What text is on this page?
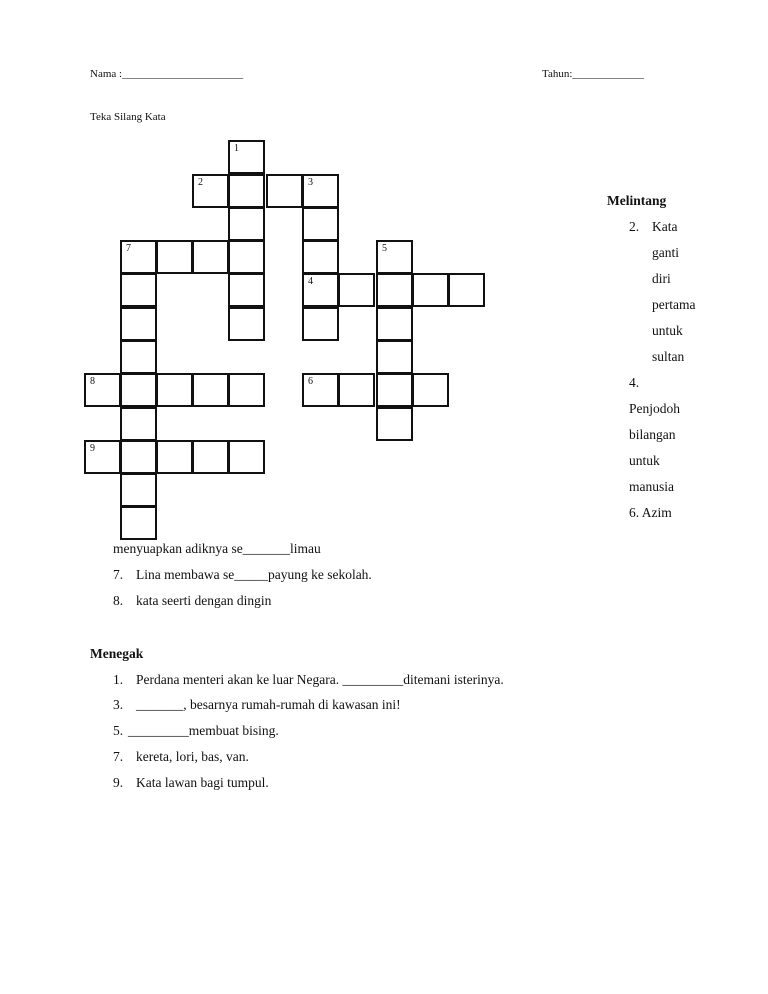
Nama :______________________	Tahun:_____________
Teka Silang Kata
1
2	3
7	5
4
8	6
9
Melintang
2. Kata
ganti
diri
pertama
untuk
sultan
4.
Penjodoh
bilangan
untuk
manusia
6. Azim
menyuapkan adiknya se_______limau
7. Lina membawa se_____payung ke sekolah.
8. kata seerti dengan dingin
Menegak
1. Perdana menteri akan ke luar Negara. _________ditemani isterinya.
3. _______, besarnya rumah-rumah di kawasan ini!
5. _________membuat bising.
7. kereta, lori, bas, van.
9. Kata lawan bagi tumpul.
